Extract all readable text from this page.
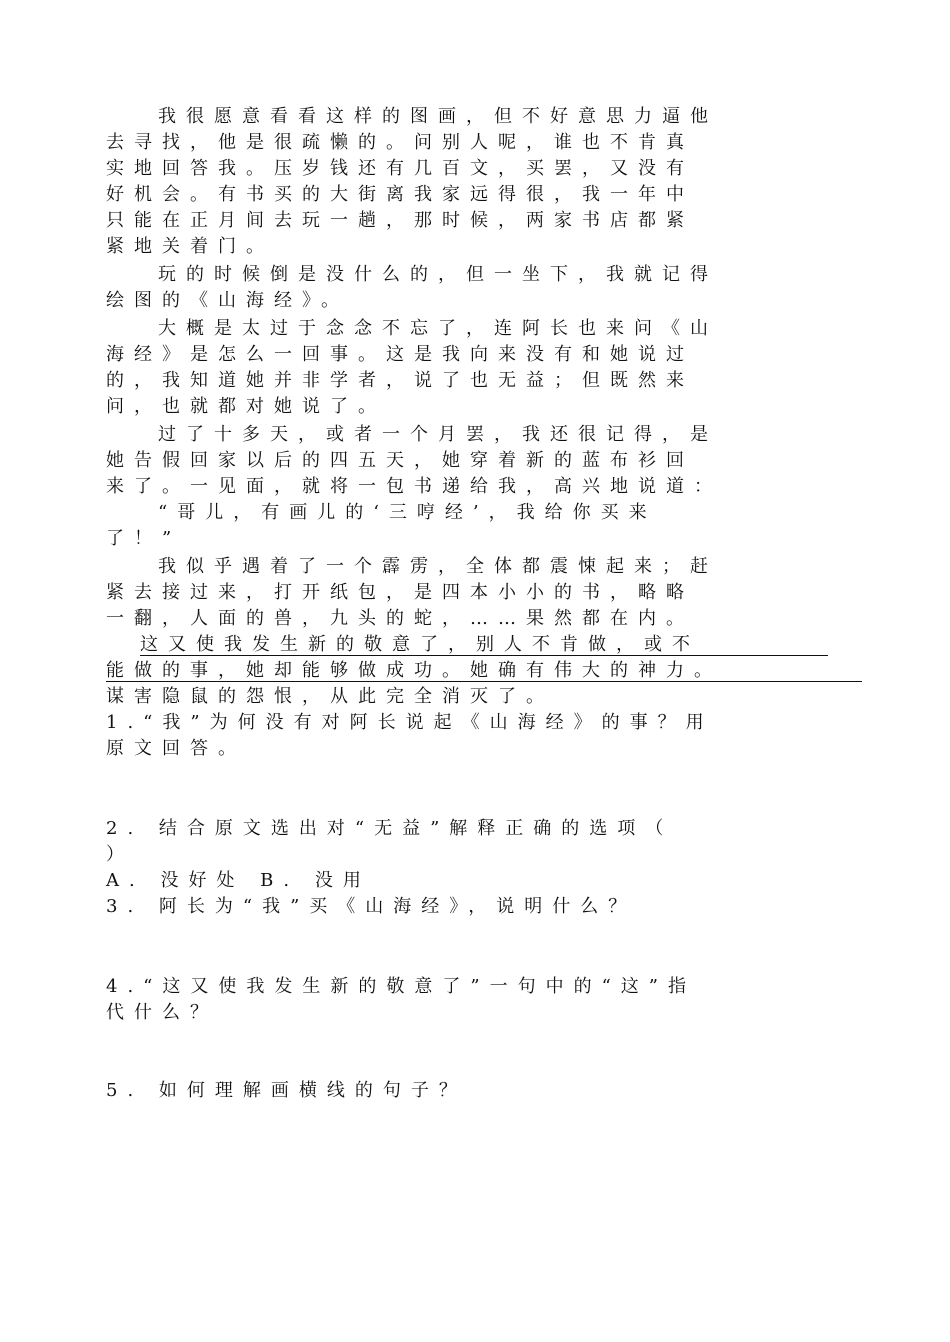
我很愿意看看这样的图画，但不好意思力逼他

去寻找，他是很疏懒的。问别人呢，谁也不肯真

实地回答我。压岁钱还有几百文，买罢，又没有

好机会。有书买的大街离我家远得很，我一年中

只能在正月间去玩一趟，那时候，两家书店都紧

紧地关着门。

玩的时候倒是没什么的，但一坐下，我就记得

绘图的《山海经》。

大概是太过于念念不忘了，连阿长也来问《山

海经》是怎么一回事。这是我向来没有和她说过

的，我知道她并非学者，说了也无益；但既然来

问，也就都对她说了。

过了十多天，或者一个月罢，我还很记得，是

她告假回家以后的四五天，她穿着新的蓝布衫回

来了。一见面，就将一包书递给我，高兴地说道：

“哥儿，有画儿的‘三哼经’，我给你买来

了！”

我似乎遇着了一个霹雳，全体都震悚起来；赶

紧去接过来，打开纸包，是四本小小的书，略略

一翻，人面的兽，九头的蛇，……果然都在内。

这又使我发生新的敬意了，别人不肯做，或不

能做的事，她却能够做成功。她确有伟大的神力。

谋害隐鼠的怨恨，从此完全消灭了。

1.“我”为何没有对阿长说起《山海经》的事？用

原文回答。

2. 结合原文选出对“无益”解释正确的选项（

）

A. 没好处 B. 没用

3. 阿长为“我”买《山海经》，说明什么？

4.“这又使我发生新的敬意了”一句中的“这”指

代什么？

5. 如何理解画横线的句子？
